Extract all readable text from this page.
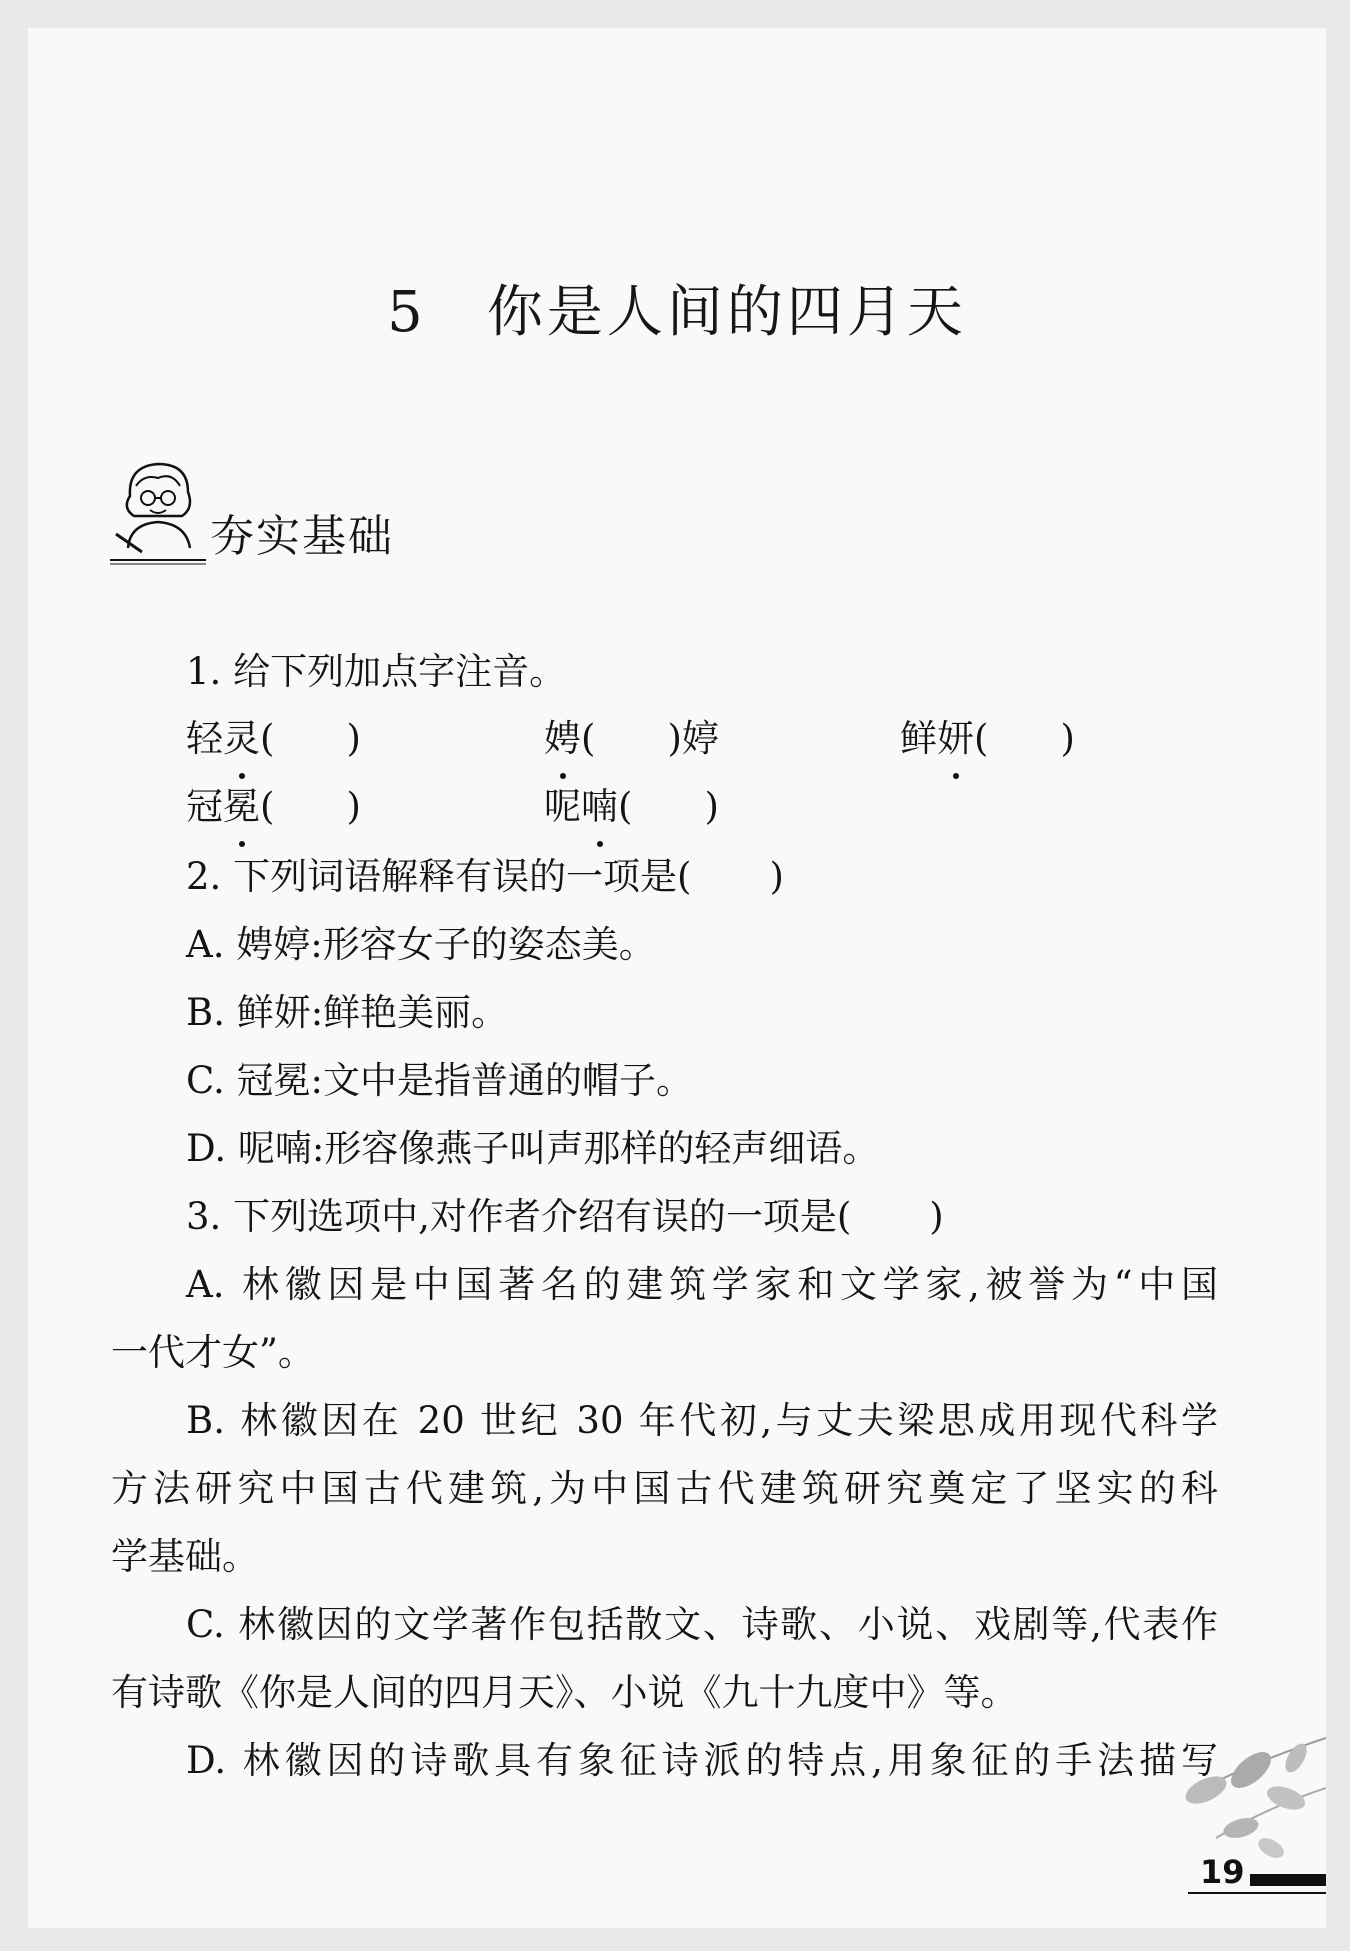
5 你是人间的四月天
夯实基础
1. 给下列加点字注音。
轻灵( )	娉( )婷	鲜妍( )
冠冕( )	呢喃( )
2. 下列词语解释有误的一项是( )
A. 娉婷:形容女子的姿态美。
B. 鲜妍:鲜艳美丽。
C. 冠冕:文中是指普通的帽子。
D. 呢喃:形容像燕子叫声那样的轻声细语。
3. 下列选项中,对作者介绍有误的一项是( )
A. 林徽因是中国著名的建筑学家和文学家,被誉为“中国
一代才女”。
B. 林徽因在 20 世纪 30 年代初,与丈夫梁思成用现代科学
方法研究中国古代建筑,为中国古代建筑研究奠定了坚实的科
学基础。
C. 林徽因的文学著作包括散文、诗歌、小说、戏剧等,代表作
有诗歌《你是人间的四月天》、小说《九十九度中》等。
D. 林徽因的诗歌具有象征诗派的特点,用象征的手法描写
19
